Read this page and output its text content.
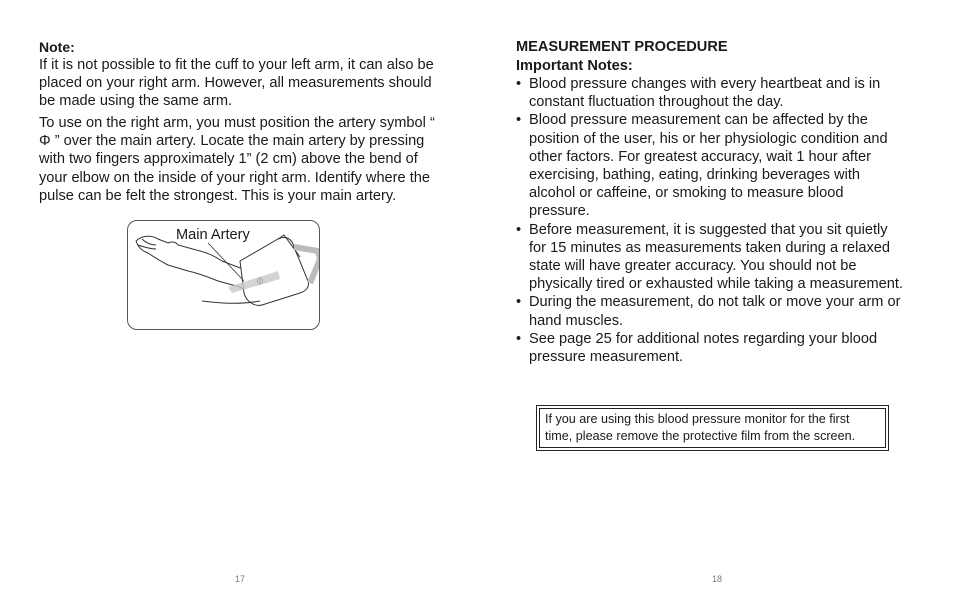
Note:

If it is not possible to fit the cuff to your left arm, it can also be placed on your right arm. However, all measurements should be made using the same arm.

To use on the right arm, you must position the artery symbol “ Φ ” over the main artery. Locate the main artery by pressing with two fingers approximately 1” (2 cm) above the bend of your elbow on the inside of your right arm. Identify where the pulse can be felt the strongest. This is your main artery.

Main Artery
17
MEASUREMENT PROCEDURE
Important Notes:
• Blood pressure changes with every heartbeat and is in constant fluctuation throughout the day.
• Blood pressure measurement can be affected by the position of the user, his or her physiologic condition and other factors. For greatest accuracy, wait 1 hour after exercising, bathing, eating, drinking beverages with alcohol or caffeine, or smoking to measure blood pressure.
• Before measurement, it is suggested that you sit quietly for 15 minutes as measurements taken during a relaxed state will have greater accuracy. You should not be physically tired or exhausted while taking a measurement.
• During the measurement, do not talk or move your arm or hand muscles.
• See page 25 for additional notes regarding your blood pressure measurement.
If you are using this blood pressure monitor for the first time, please remove the protective film from the screen.
18
